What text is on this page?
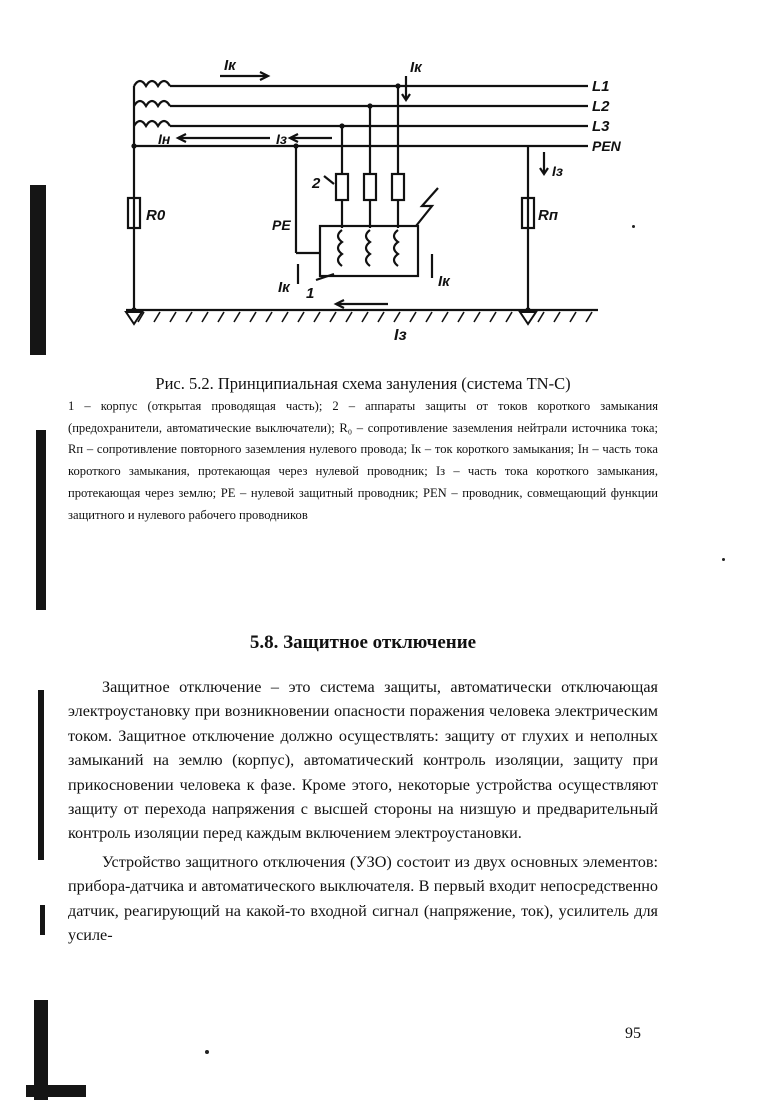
Iк	Iк
L1
L2
L3
PEN
Iн	Iз
Iз
2
R0	Rп
PE
Iк	Iк
1
Iз

Рис. 5.2. Принципиальная схема зануления (система TN-C)

1 – корпус (открытая проводящая часть); 2 – аппараты защиты от токов короткого замыкания (предохранители, автоматические выключатели); R₀ – сопротивление заземления нейтрали источника тока; Rп – сопротивление повторного заземления нулевого провода; Iк – ток короткого замыкания; Iн – часть тока короткого замыкания, протекающая через нулевой проводник; Iз – часть тока короткого замыкания, протекающая через землю; PE – нулевой защитный проводник; PEN – проводник, совмещающий функции защитного и нулевого рабочего проводников

5.8. Защитное отключение

Защитное отключение – это система защиты, автоматически отключающая электроустановку при возникновении опасности поражения человека электрическим током. Защитное отключение должно осуществлять: защиту от глухих и неполных замыканий на землю (корпус), автоматический контроль изоляции, защиту при прикосновении человека к фазе. Кроме этого, некоторые устройства осуществляют защиту от перехода напряжения с высшей стороны на низшую и предварительный контроль изоляции перед каждым включением электроустановки.

Устройство защитного отключения (УЗО) состоит из двух основных элементов: прибора-датчика и автоматического выключателя. В первый входит непосредственно датчик, реагирующий на какой-то входной сигнал (напряжение, ток), усилитель для усиле-

95
